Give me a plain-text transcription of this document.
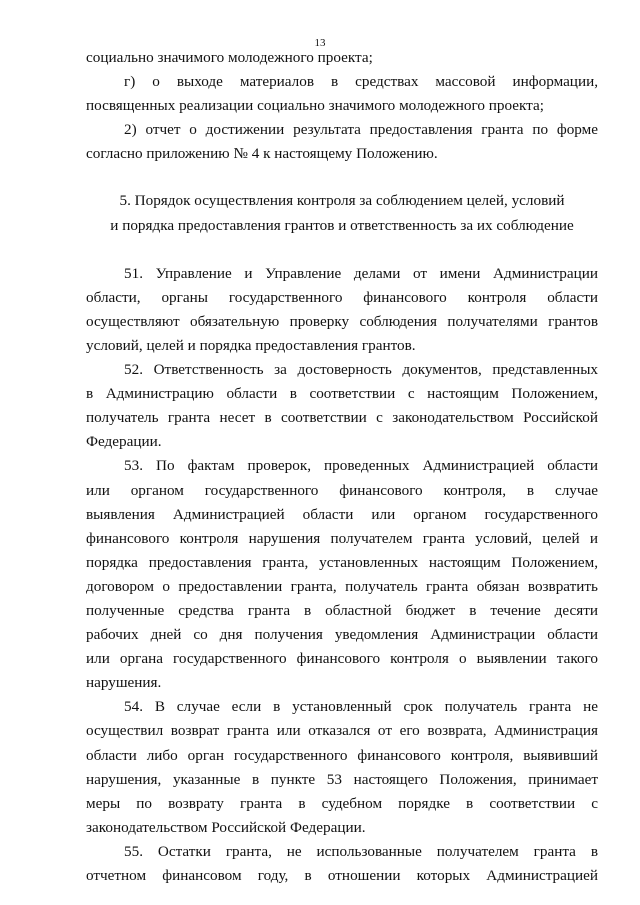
13
социально значимого молодежного проекта;
г) о выходе материалов в средствах массовой информации,
посвященных реализации социально значимого молодежного проекта;
2) отчет о достижении результата предоставления гранта по форме
согласно приложению № 4 к настоящему Положению.
5. Порядок осуществления контроля за соблюдением целей, условий
и порядка предоставления грантов и ответственность за их соблюдение
51. Управление и Управление делами от имени Администрации
области, органы государственного финансового контроля области
осуществляют обязательную проверку соблюдения получателями грантов
условий, целей и порядка предоставления грантов.
52. Ответственность за достоверность документов, представленных
в Администрацию области в соответствии с настоящим Положением,
получатель гранта несет в соответствии с законодательством Российской
Федерации.
53. По фактам проверок, проведенных Администрацией области
или органом государственного финансового контроля, в случае
выявления Администрацией области или органом государственного
финансового контроля нарушения получателем гранта условий, целей и
порядка предоставления гранта, установленных настоящим Положением,
договором о предоставлении гранта, получатель гранта обязан возвратить
полученные средства гранта в областной бюджет в течение десяти
рабочих дней со дня получения уведомления Администрации области
или органа государственного финансового контроля о выявлении такого
нарушения.
54. В случае если в установленный срок получатель гранта не
осуществил возврат гранта или отказался от его возврата, Администрация
области либо орган государственного финансового контроля, выявивший
нарушения, указанные в пункте 53 настоящего Положения, принимает
меры по возврату гранта в судебном порядке в соответствии с
законодательством Российской Федерации.
55. Остатки гранта, не использованные получателем гранта в
отчетном финансовом году, в отношении которых Администрацией
